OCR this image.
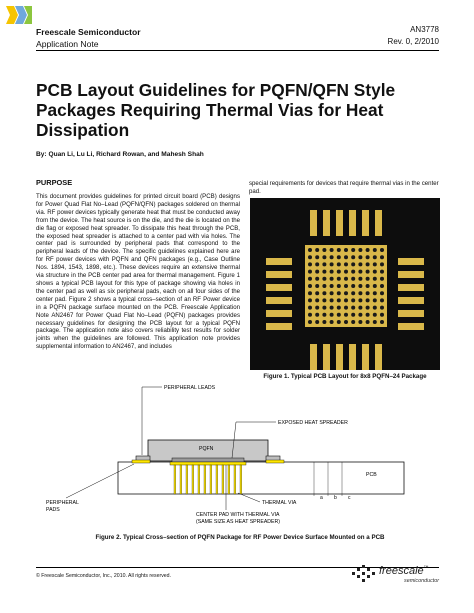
Freescale Semiconductor
Application Note
AN3778
Rev. 0, 2/2010
PCB Layout Guidelines for PQFN/QFN Style Packages Requiring Thermal Vias for Heat Dissipation
By: Quan Li, Lu Li, Richard Rowan, and Mahesh Shah
PURPOSE

This document provides guidelines for printed circuit board (PCB) designs for Power Quad Flat No–Lead (PQFN/QFN) packages soldered on thermal via. RF power devices typically generate heat that must be conducted away from the device. The heat source is on the die, and the die is located on the die flag or exposed heat spreader. To dissipate this heat through the PCB, the exposed heat spreader is attached to a center pad with via holes. The center pad is surrounded by peripheral pads that correspond to the peripheral leads of the device. The specific guidelines explained here are for RF power devices with PQFN and QFN packages (e.g., Case Outline Nos. 1894, 1543, 1898, etc.). These devices require an extensive thermal via structure in the PCB center pad area for thermal management. Figure 1 shows a typical PCB layout for this type of package showing via holes in the center pad as well as six peripheral pads, each on all four sides of the center pad. Figure 2 shows a typical cross–section of an RF Power device in a PQFN package surface mounted on the PCB. Freescale Application Note AN2467 for Power Quad Flat No–Lead (PQFN) packages provides necessary guidelines for designing the PCB layout for a typical PQFN package. The application note also covers reliability test results for solder joints when the guidelines are followed. This application note provides supplemental information to AN2467, and includes

special requirements for devices that require thermal vias in the center pad.

Figure 1. Typical PCB Layout for 8x8 PQFN–24 Package
PERIPHERAL LEADS
EXPOSED HEAT SPREADER
PQFN
PCB
PERIPHERAL PADS
THERMAL VIA
CENTER PAD WITH THERMAL VIA (SAME SIZE AS HEAT SPREADER)
a b c
Figure 2. Typical Cross–section of PQFN Package for RF Power Device Surface Mounted on a PCB
© Freescale Semiconductor, Inc., 2010. All rights reserved.	freescale™
semiconductor
